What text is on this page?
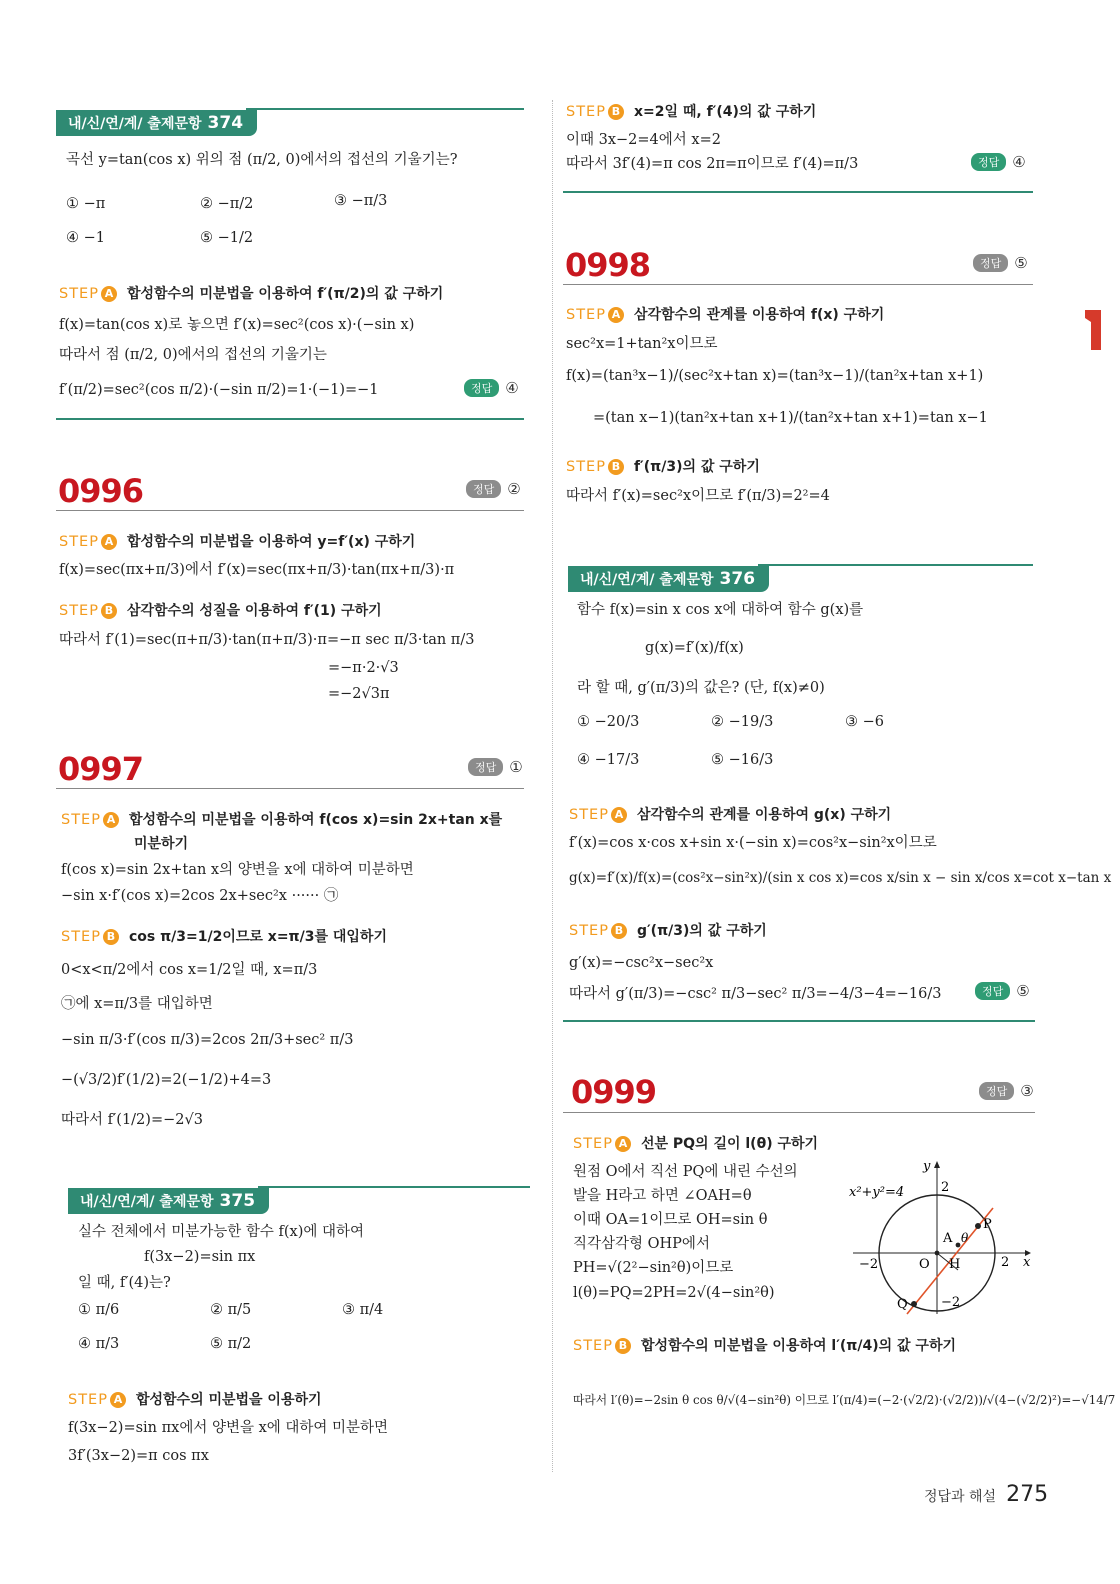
내/신/연/계/ 출제문항 374
곡선 y=tan(cos x) 위의 점 (π/2, 0)에서의 접선의 기울기는?
① −π	② −π/2	③ −π/3
④ −1	⑤ −1/2
STEP A 합성함수의 미분법을 이용하여 f′(π/2)의 값 구하기
f(x)=tan(cos x)로 놓으면 f′(x)=sec²(cos x)·(−sin x)
따라서 점 (π/2, 0)에서의 접선의 기울기는
f′(π/2)=sec²(cos π/2)·(−sin π/2)=1·(−1)=−1	정답 ④
0996	정답 ②
STEP A 합성함수의 미분법을 이용하여 y=f′(x) 구하기
f(x)=sec(πx+π/3)에서 f′(x)=sec(πx+π/3)·tan(πx+π/3)·π
STEP B 삼각함수의 성질을 이용하여 f′(1) 구하기
따라서 f′(1)=sec(π+π/3)·tan(π+π/3)·π=−π sec π/3·tan π/3
=−π·2·√3
=−2√3π
0997	정답 ①
STEP A 합성함수의 미분법을 이용하여 f(cos x)=sin 2x+tan x를
미분하기
f(cos x)=sin 2x+tan x의 양변을 x에 대하여 미분하면
−sin x·f′(cos x)=2cos 2x+sec²x ······ ㉠
STEP B cos π/3=1/2이므로 x=π/3를 대입하기
0<x<π/2에서 cos x=1/2일 때, x=π/3
㉠에 x=π/3를 대입하면
−sin π/3·f′(cos π/3)=2cos 2π/3+sec² π/3
−(√3/2)f′(1/2)=2(−1/2)+4=3
따라서 f′(1/2)=−2√3
내/신/연/계/ 출제문항 375
실수 전체에서 미분가능한 함수 f(x)에 대하여
f(3x−2)=sin πx
일 때, f′(4)는?
① π/6	② π/5	③ π/4
④ π/3	⑤ π/2
STEP A 합성함수의 미분법을 이용하기
f(3x−2)=sin πx에서 양변을 x에 대하여 미분하면
3f′(3x−2)=π cos πx
STEP B x=2일 때, f′(4)의 값 구하기
이때 3x−2=4에서 x=2
따라서 3f′(4)=π cos 2π=π이므로 f′(4)=π/3	정답 ④
0998	정답 ⑤
STEP A 삼각함수의 관계를 이용하여 f(x) 구하기
sec²x=1+tan²x이므로
f(x)=(tan³x−1)/(sec²x+tan x)=(tan³x−1)/(tan²x+tan x+1)
=(tan x−1)(tan²x+tan x+1)/(tan²x+tan x+1)=tan x−1
STEP B f′(π/3)의 값 구하기
따라서 f′(x)=sec²x이므로 f′(π/3)=2²=4
내/신/연/계/ 출제문항 376
함수 f(x)=sin x cos x에 대하여 함수 g(x)를
g(x)=f′(x)/f(x)
라 할 때, g′(π/3)의 값은? (단, f(x)≠0)
① −20/3	② −19/3	③ −6
④ −17/3	⑤ −16/3
STEP A 삼각함수의 관계를 이용하여 g(x) 구하기
f′(x)=cos x·cos x+sin x·(−sin x)=cos²x−sin²x이므로
g(x)=f′(x)/f(x)=(cos²x−sin²x)/(sin x cos x)=cos x/sin x − sin x/cos x=cot x−tan x
STEP B g′(π/3)의 값 구하기
g′(x)=−csc²x−sec²x
따라서 g′(π/3)=−csc² π/3−sec² π/3=−4/3−4=−16/3	정답 ⑤
0999	정답 ③
STEP A 선분 PQ의 길이 l(θ) 구하기
원점 O에서 직선 PQ에 내린 수선의
발을 H라고 하면 ∠OAH=θ
이때 OA=1이므로 OH=sin θ
직각삼각형 OHP에서
PH=√(2²−sin²θ)이므로
l(θ)=PQ=2PH=2√(4−sin²θ)
x²+y²=4
y
2
−2	2 x
−2
O
A θ
H
P
Q
STEP B 합성함수의 미분법을 이용하여 l′(π/4)의 값 구하기
따라서 l′(θ)=−2sin θ cos θ/√(4−sin²θ) 이므로 l′(π/4)=(−2·(√2/2)·(√2/2))/√(4−(√2/2)²)=−√14/7
정답과 해설 275
